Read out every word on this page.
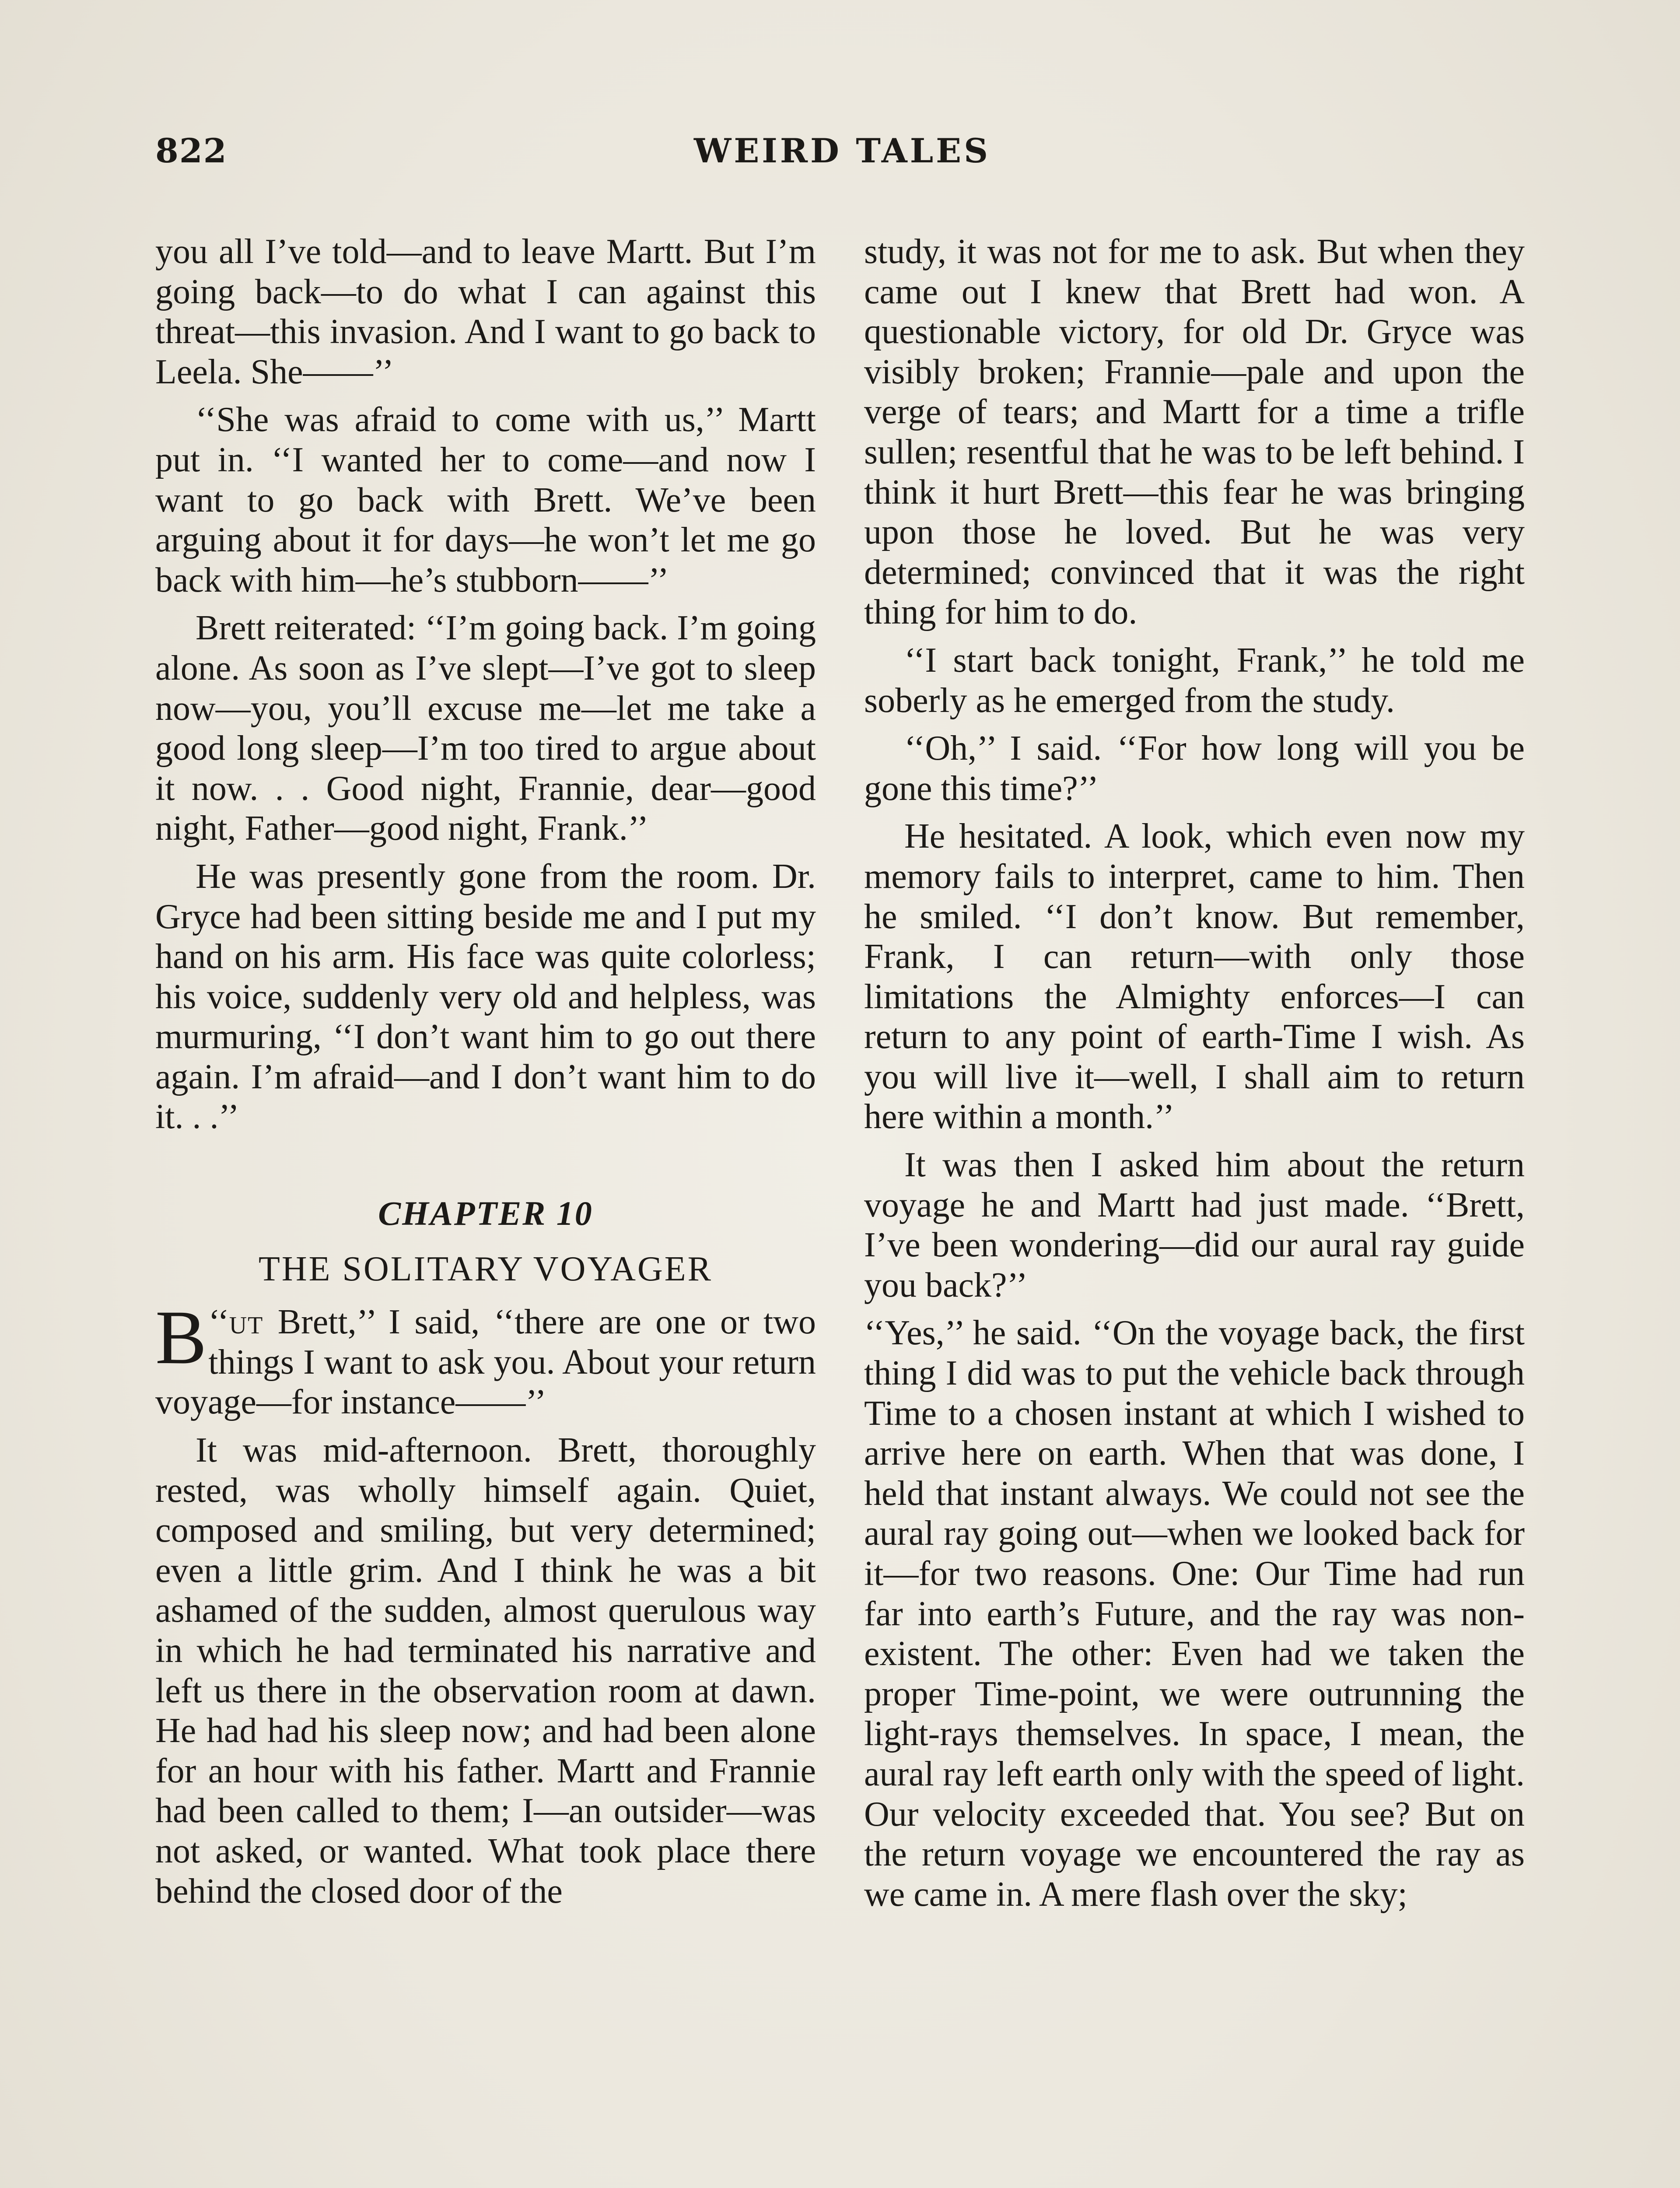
822	WEIRD TALES

you all I’ve told—and to leave Martt. But I’m going back—to do what I can against this threat—this invasion. And I want to go back to Leela. She——’’

‘‘She was afraid to come with us,’’ Martt put in. ‘‘I wanted her to come—and now I want to go back with Brett. We’ve been arguing about it for days—he won’t let me go back with him—he’s stubborn——’’

Brett reiterated: ‘‘I’m going back. I’m going alone. As soon as I’ve slept—I’ve got to sleep now—you, you’ll excuse me—let me take a good long sleep—I’m too tired to argue about it now. . . Good night, Frannie, dear—good night, Father—good night, Frank.’’

He was presently gone from the room. Dr. Gryce had been sitting beside me and I put my hand on his arm. His face was quite colorless; his voice, suddenly very old and helpless, was murmuring, ‘‘I don’t want him to go out there again. I’m afraid—and I don’t want him to do it. . .’’

CHAPTER 10
THE SOLITARY VOYAGER

‘‘
B ut Brett,’’ I said, ‘‘there are one or two things I want to ask you. About your return voyage—for instance——’’

It was mid-afternoon. Brett, thoroughly rested, was wholly himself again. Quiet, composed and smiling, but very determined; even a little grim. And I think he was a bit ashamed of the sudden, almost querulous way in which he had terminated his narrative and left us there in the observation room at dawn. He had had his sleep now; and had been alone for an hour with his father. Martt and Frannie had been called to them; I—an outsider—was not asked, or wanted. What took place there behind the closed door of the

study, it was not for me to ask. But when they came out I knew that Brett had won. A questionable victory, for old Dr. Gryce was visibly broken; Frannie—pale and upon the verge of tears; and Martt for a time a trifle sullen; resentful that he was to be left behind. I think it hurt Brett—this fear he was bringing upon those he loved. But he was very determined; convinced that it was the right thing for him to do.

‘‘I start back tonight, Frank,’’ he told me soberly as he emerged from the study.

‘‘Oh,’’ I said. ‘‘For how long will you be gone this time?’’

He hesitated. A look, which even now my memory fails to interpret, came to him. Then he smiled. ‘‘I don’t know. But remember, Frank, I can return—with only those limitations the Almighty enforces—I can return to any point of earth-Time I wish. As you will live it—well, I shall aim to return here within a month.’’

It was then I asked him about the return voyage he and Martt had just made. ‘‘Brett, I’ve been wondering—did our aural ray guide you back?’’

‘‘Yes,’’ he said. ‘‘On the voyage back, the first thing I did was to put the vehicle back through Time to a chosen instant at which I wished to arrive here on earth. When that was done, I held that instant always. We could not see the aural ray going out—when we looked back for it—for two reasons. One: Our Time had run far into earth’s Future, and the ray was non-existent. The other: Even had we taken the proper Time-point, we were outrunning the light-rays themselves. In space, I mean, the aural ray left earth only with the speed of light. Our velocity exceeded that. You see? But on the return voyage we encountered the ray as we came in. A mere flash over the sky;
